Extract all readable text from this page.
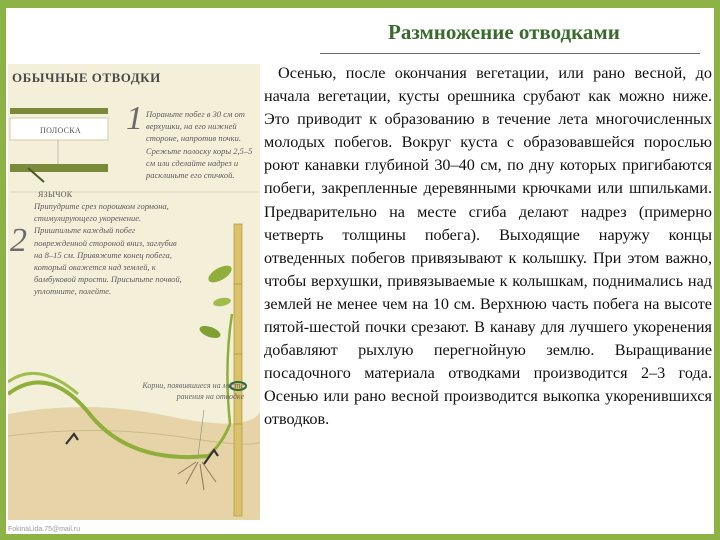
Размножение отводками
ОБЫЧНЫЕ ОТВОДКИ
ПОЛОСКА
ЯЗЫЧОК
1 Пораньте побег в 30 см от верхушки, на его нижней стороне, напротив почки. Срежьте полоску коры 2,5–5 см или сделайте надрез и расклиньте его спичкой.

2

Припудрите срез порошком гормона, стимулирующего укоренение. Пришпильте каждый побег поврежденной стороной вниз, заглубив на 8–15 см. Привяжите конец побега, который окажется над землей, к бамбуковой трости. Присыпьте почвой, уплотните, полейте.

Корни, появившиеся на месте ранения на отводке

Осенью, после окончания вегетации, или рано весной, до начала вегетации, кусты орешника срубают как можно ниже. Это приводит к образованию в течение лета многочисленных молодых побегов. Вокруг куста с образовавшейся порослью роют канавки глубиной 30–40 см, по дну которых пригибаются побеги, закрепленные деревянными крючками или шпильками. Предварительно на месте сгиба делают надрез (примерно четверть толщины побега). Выходящие наружу концы отведенных побегов привязывают к колышку. При этом важно, чтобы верхушки, привязываемые к колышкам, поднимались над землей не менее чем на 10 см. Верхнюю часть побега на высоте пятой-шестой почки срезают. В канаву для лучшего укоренения добавляют рыхлую перегнойную землю. Выращивание посадочного материала отводками производится 2–3 года. Осенью или рано весной производится выкопка укоренившихся отводков.

FokinaLida.75@mail.ru
